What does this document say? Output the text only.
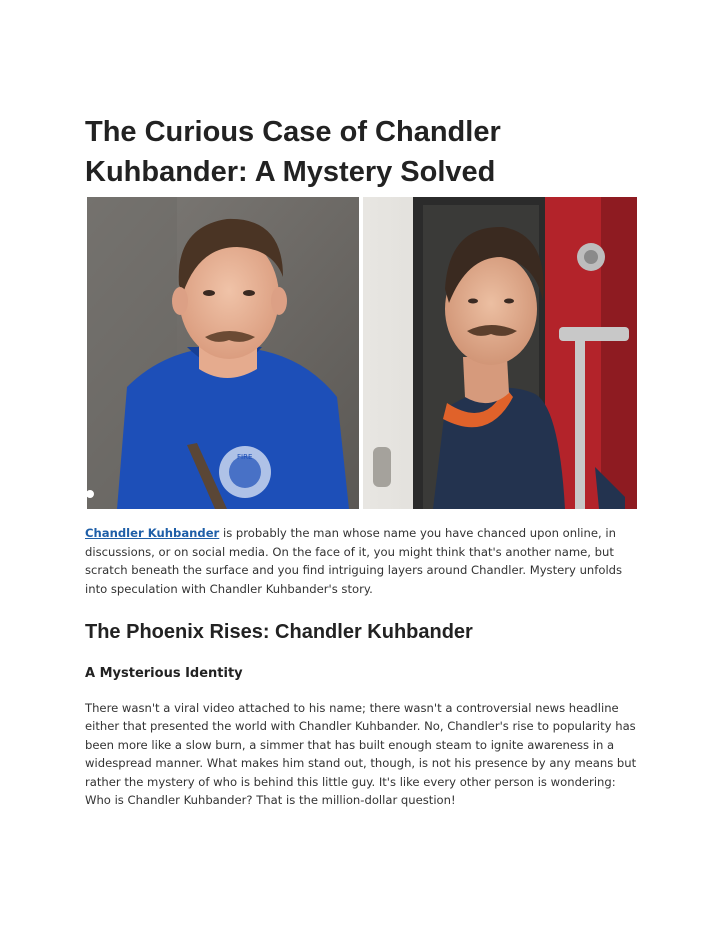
The Curious Case of Chandler Kuhbander: A Mystery Solved
FIRE

Chandler Kuhbander is probably the man whose name you have chanced upon online, in discussions, or on social media. On the face of it, you might think that's another name, but scratch beneath the surface and you find intriguing layers around Chandler. Mystery unfolds into speculation with Chandler Kuhbander's story.

The Phoenix Rises: Chandler Kuhbander
A Mysterious Identity

There wasn't a viral video attached to his name; there wasn't a controversial news headline either that presented the world with Chandler Kuhbander. No, Chandler's rise to popularity has been more like a slow burn, a simmer that has built enough steam to ignite awareness in a widespread manner. What makes him stand out, though, is not his presence by any means but rather the mystery of who is behind this little guy. It's like every other person is wondering: Who is Chandler Kuhbander? That is the million-dollar question!
